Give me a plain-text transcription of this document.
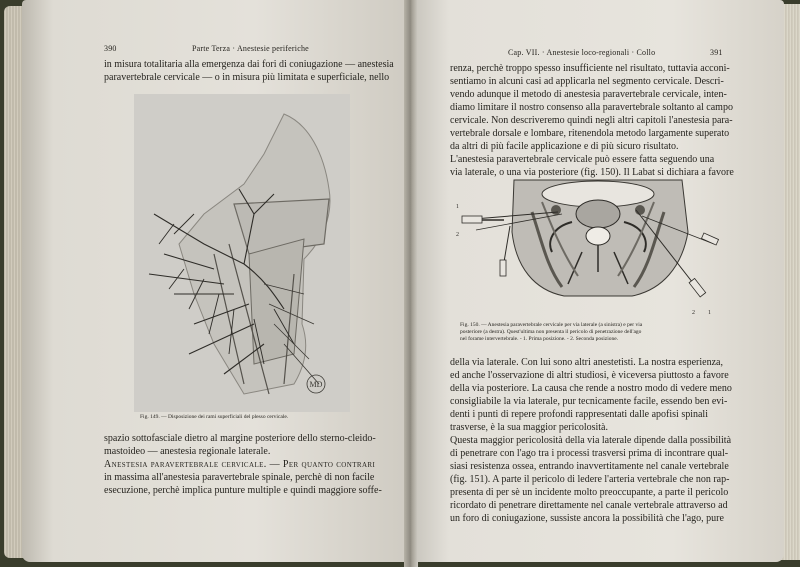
390	Parte Terza · Anestesie periferiche
in misura totalitaria alla emergenza dai fori di coniugazione — anestesia
paravertebrale cervicale — o in misura più limitata e superficiale, nello
MD
Fig. 149. — Disposizione dei rami superficiali del plesso cervicale.
spazio sottofasciale dietro al margine posteriore dello sterno-cleido-
mastoideo — anestesia regionale laterale.
Anestesia paravertebrale cervicale. — Per quanto contrari
in massima all'anestesia paravertebrale spinale, perchè di non facile
esecuzione, perchè implica punture multiple e quindi maggiore soffe-
Cap. VII. · Anestesie loco-regionali · Collo	391
renza, perchè troppo spesso insufficiente nel risultato, tuttavia acconi-
sentiamo in alcuni casi ad applicarla nel segmento cervicale. Descri-
vendo adunque il metodo di anestesia paravertebrale cervicale, inten-
diamo limitare il nostro consenso alla paravertebrale soltanto al campo
cervicale. Non descriveremo quindi negli altri capitoli l'anestesia para-
vertebrale dorsale e lombare, ritenendola metodo largamente superato
da altri di più facile applicazione e di più sicuro risultato.
L'anestesia paravertebrale cervicale può essere fatta seguendo una
via laterale, o una via posteriore (fig. 150). Il Labat si dichiara a favore
1
2
2 1
Fig. 150. — Anestesia paravertebrale cervicale per via laterale (a sinistra) e per via
posteriore (a destra). Quest'ultima non presenta il pericolo di penetrazione dell'ago
nel forame intervertebrale. - 1. Prima posizione. - 2. Seconda posizione.
della via laterale. Con lui sono altri anestetisti. La nostra esperienza,
ed anche l'osservazione di altri studiosi, è viceversa piuttosto a favore
della via posteriore. La causa che rende a nostro modo di vedere meno
consigliabile la via laterale, pur tecnicamente facile, essendo ben evi-
denti i punti di repere profondi rappresentati dalle apofisi spinali
trasverse, è la sua maggior pericolosità.
Questa maggior pericolosità della via laterale dipende dalla possibilità
di penetrare con l'ago tra i processi trasversi prima di incontrare qual-
siasi resistenza ossea, entrando inavvertitamente nel canale vertebrale
(fig. 151). A parte il pericolo di ledere l'arteria vertebrale che non rap-
presenta di per sè un incidente molto preoccupante, a parte il pericolo
ricordato di penetrare direttamente nel canale vertebrale attraverso ad
un foro di coniugazione, sussiste ancora la possibilità che l'ago, pure
